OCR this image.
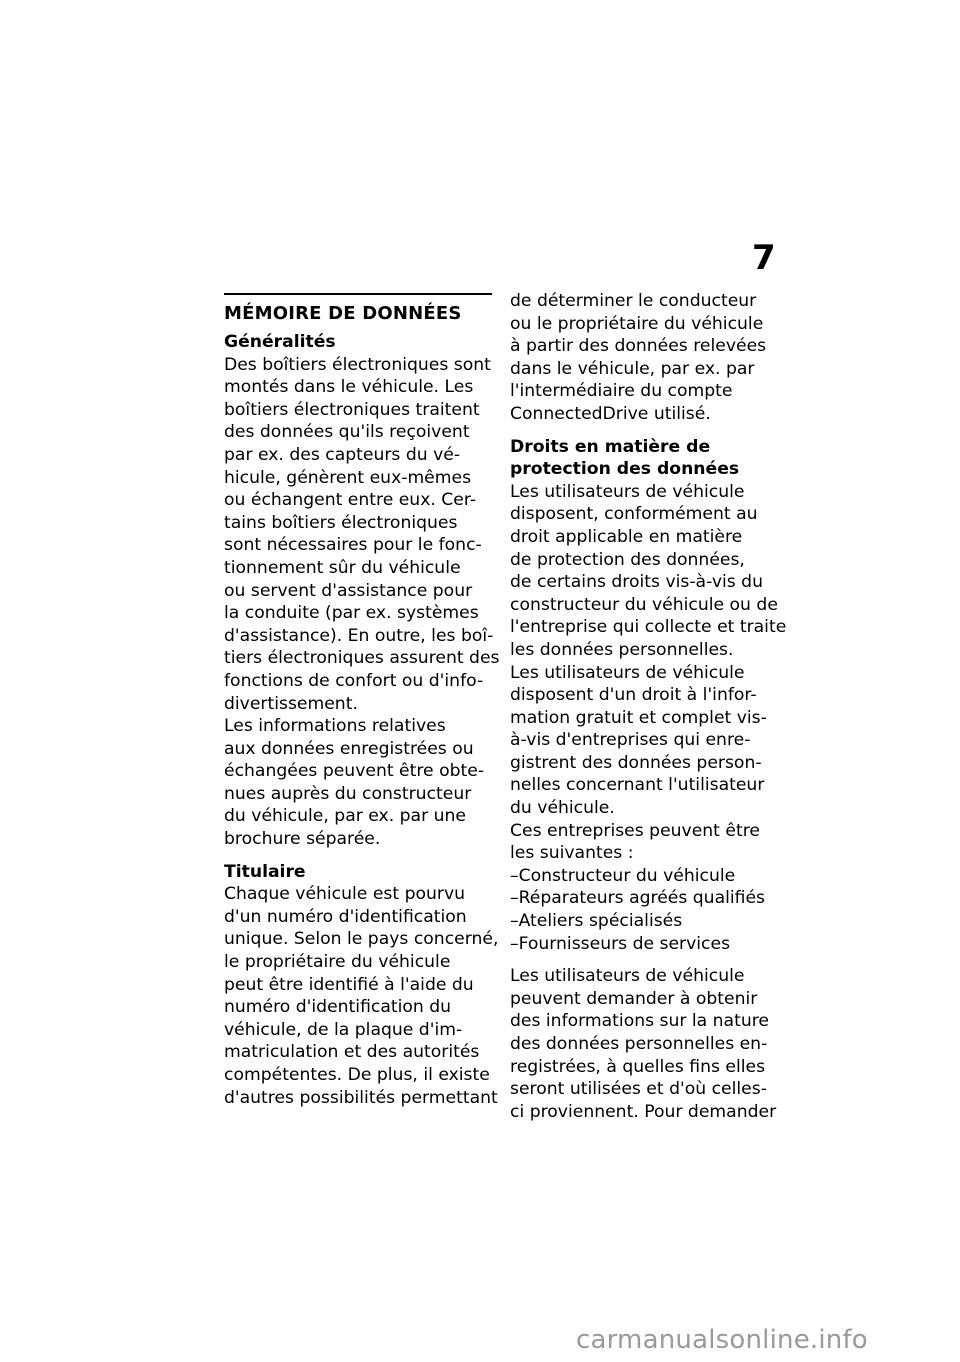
7
MÉMOIRE DE DONNÉES
Généralités
Des boîtiers électroniques sont
montés dans le véhicule. Les
boîtiers électroniques traitent
des données qu'ils reçoivent
par ex. des capteurs du vé-
hicule, génèrent eux-mêmes
ou échangent entre eux. Cer-
tains boîtiers électroniques
sont nécessaires pour le fonc-
tionnement sûr du véhicule
ou servent d'assistance pour
la conduite (par ex. systèmes
d'assistance). En outre, les boî-
tiers électroniques assurent des
fonctions de confort ou d'info-
divertissement.
Les informations relatives
aux données enregistrées ou
échangées peuvent être obte-
nues auprès du constructeur
du véhicule, par ex. par une
brochure séparée.
Titulaire
Chaque véhicule est pourvu
d'un numéro d'identification
unique. Selon le pays concerné,
le propriétaire du véhicule
peut être identifié à l'aide du
numéro d'identification du
véhicule, de la plaque d'im-
matriculation et des autorités
compétentes. De plus, il existe
d'autres possibilités permettant
de déterminer le conducteur
ou le propriétaire du véhicule
à partir des données relevées
dans le véhicule, par ex. par
l'intermédiaire du compte
ConnectedDrive utilisé.
Droits en matière de
protection des données
Les utilisateurs de véhicule
disposent, conformément au
droit applicable en matière
de protection des données,
de certains droits vis-à-vis du
constructeur du véhicule ou de
l'entreprise qui collecte et traite
les données personnelles.
Les utilisateurs de véhicule
disposent d'un droit à l'infor-
mation gratuit et complet vis-
à-vis d'entreprises qui enre-
gistrent des données person-
nelles concernant l'utilisateur
du véhicule.
Ces entreprises peuvent être
les suivantes :
–Constructeur du véhicule
–Réparateurs agréés qualifiés
–Ateliers spécialisés
–Fournisseurs de services
Les utilisateurs de véhicule
peuvent demander à obtenir
des informations sur la nature
des données personnelles en-
registrées, à quelles fins elles
seront utilisées et d'où celles-
ci proviennent. Pour demander
carmanualsonline.info
